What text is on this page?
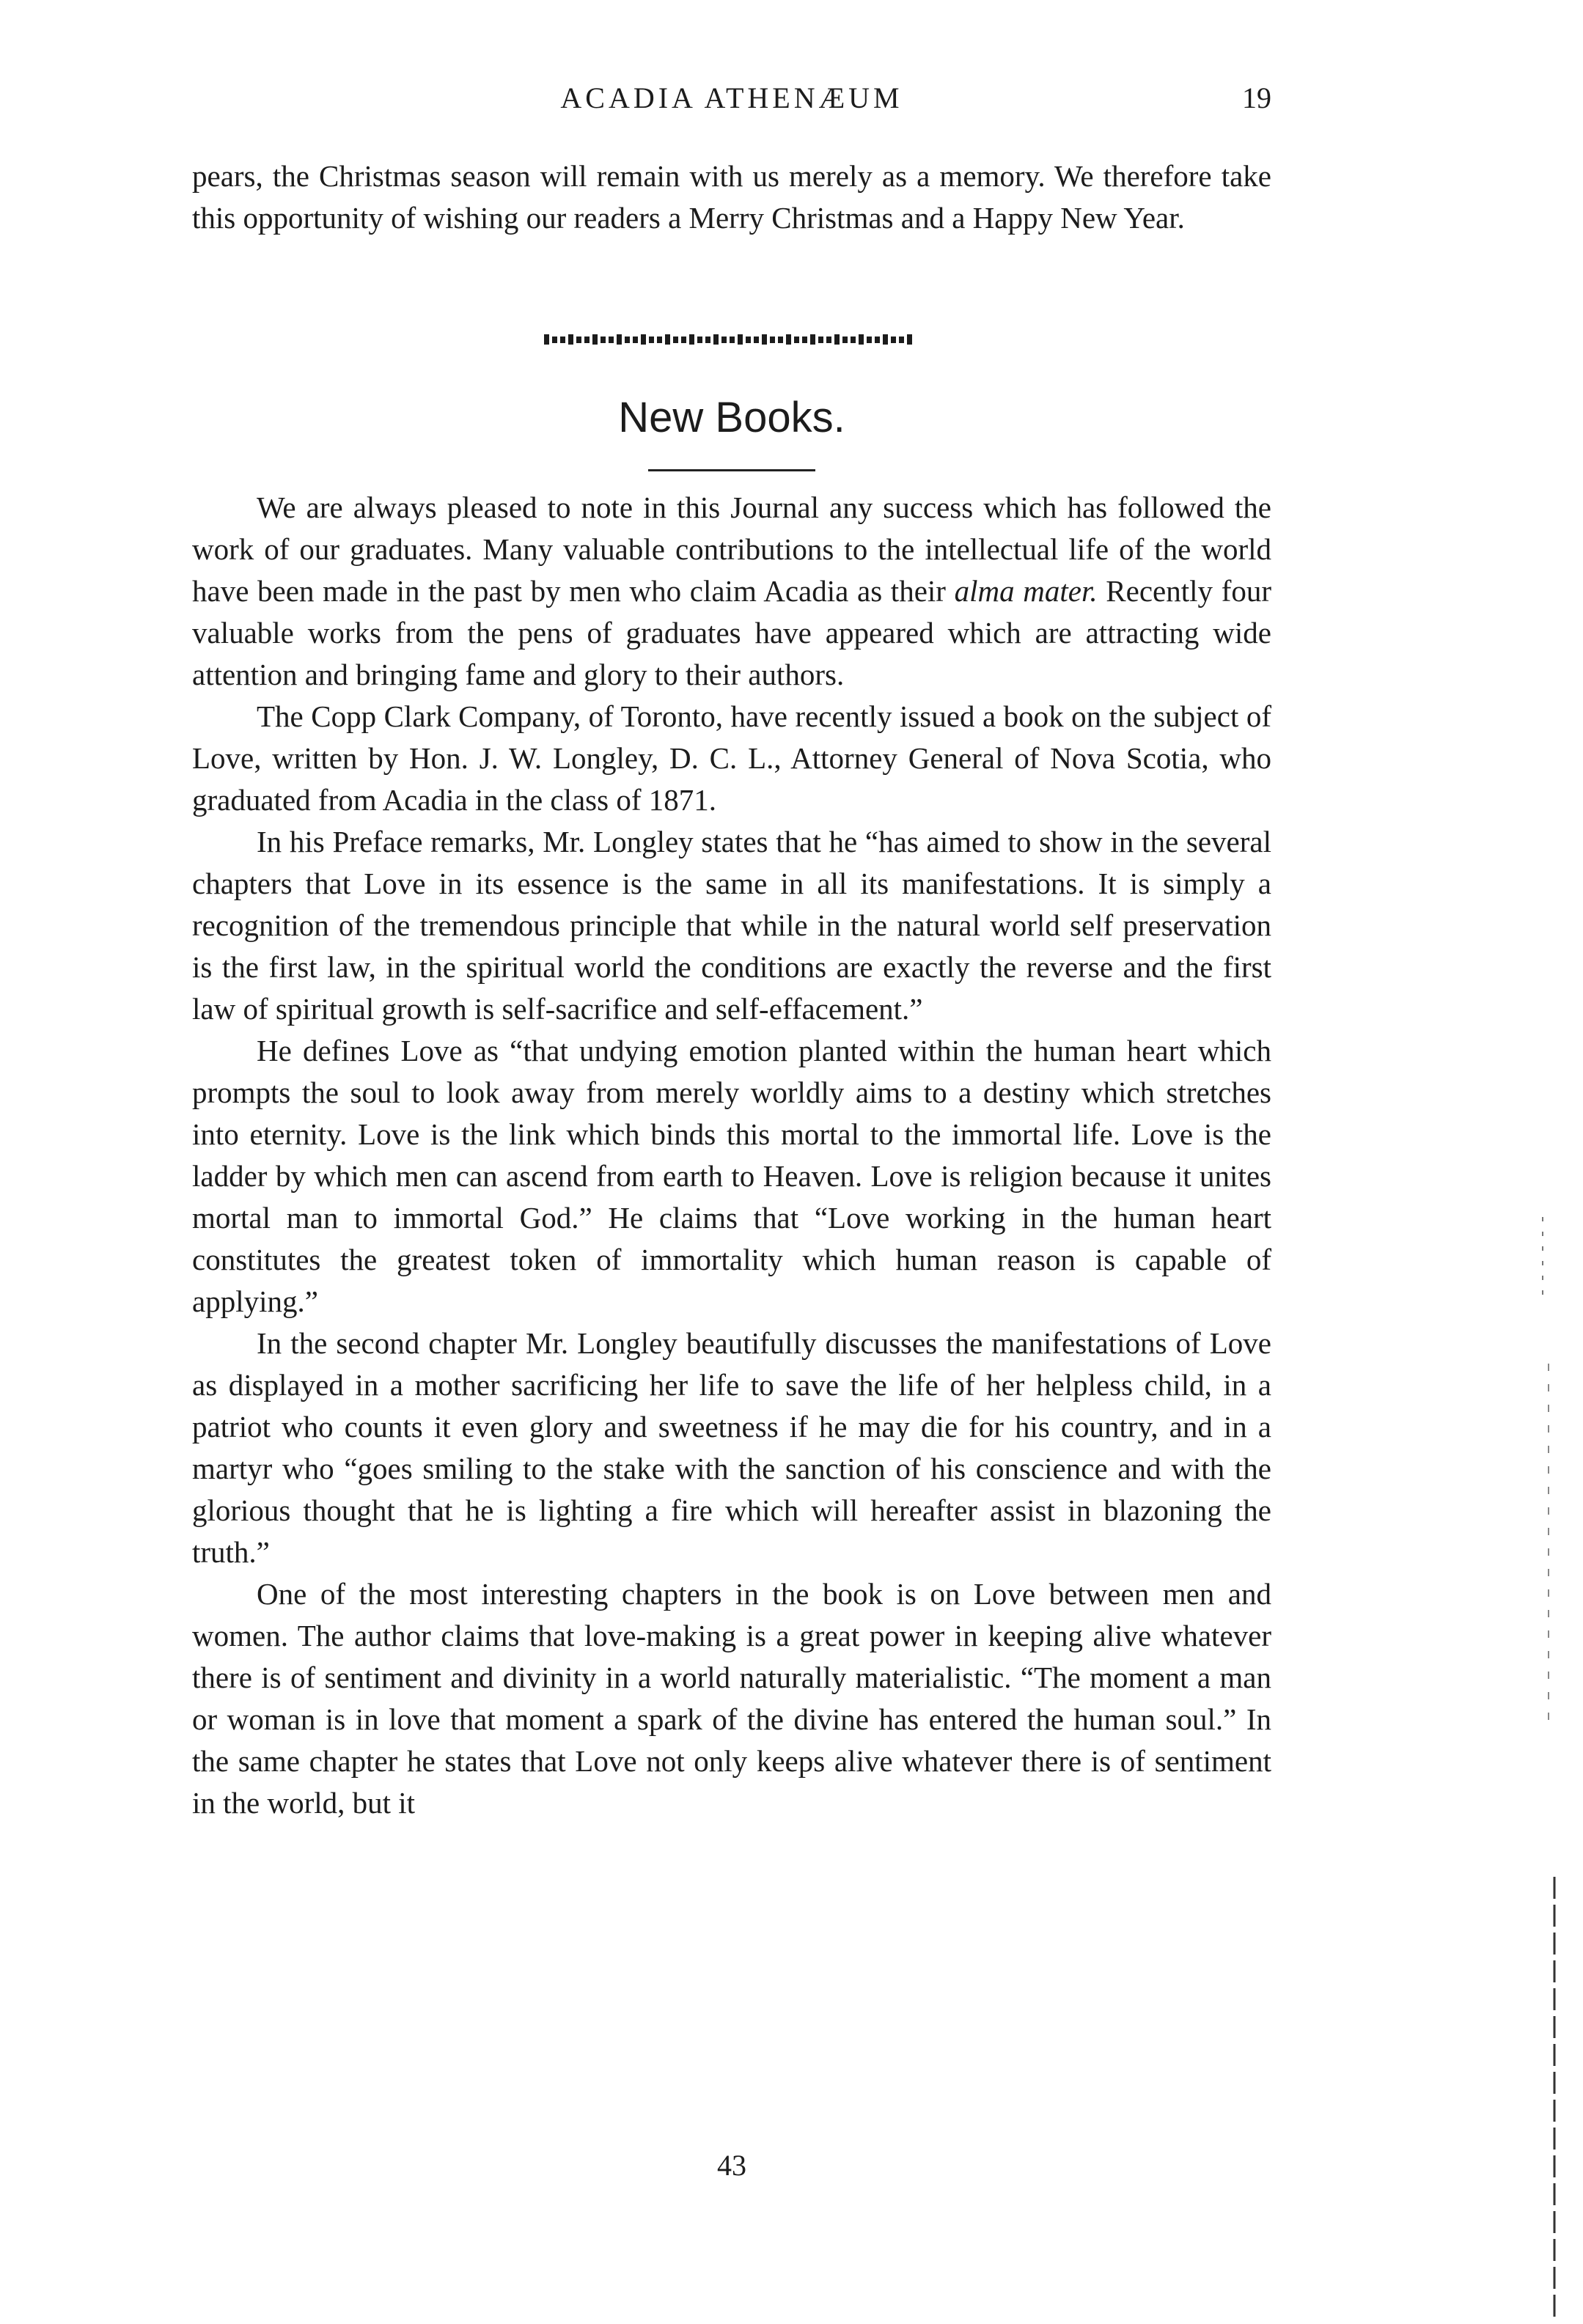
ACADIA ATHENÆUM	19

pears, the Christmas season will remain with us merely as a memory. We therefore take this opportunity of wishing our readers a Merry Christmas and a Happy New Year.

New Books.

We are always pleased to note in this Journal any success which has followed the work of our graduates. Many valuable contributions to the intellectual life of the world have been made in the past by men who claim Acadia as their alma mater. Recently four valuable works from the pens of graduates have appeared which are attracting wide attention and bringing fame and glory to their authors.

The Copp Clark Company, of Toronto, have recently issued a book on the subject of Love, written by Hon. J. W. Longley, D. C. L., Attorney General of Nova Scotia, who graduated from Acadia in the class of 1871.

In his Preface remarks, Mr. Longley states that he “has aimed to show in the several chapters that Love in its essence is the same in all its manifestations. It is simply a recognition of the tremendous principle that while in the natural world self preservation is the first law, in the spiritual world the conditions are exactly the reverse and the first law of spiritual growth is self-sacrifice and self-effacement.”

He defines Love as “that undying emotion planted within the human heart which prompts the soul to look away from merely worldly aims to a destiny which stretches into eternity. Love is the link which binds this mortal to the immortal life. Love is the ladder by which men can ascend from earth to Heaven. Love is religion because it unites mortal man to immortal God.” He claims that “Love working in the human heart constitutes the greatest token of immortality which human reason is capable of applying.”

In the second chapter Mr. Longley beautifully discusses the manifestations of Love as displayed in a mother sacrificing her life to save the life of her helpless child, in a patriot who counts it even glory and sweetness if he may die for his country, and in a martyr who “goes smiling to the stake with the sanction of his conscience and with the glorious thought that he is lighting a fire which will hereafter assist in blazoning the truth.”

One of the most interesting chapters in the book is on Love between men and women. The author claims that love-making is a great power in keeping alive whatever there is of sentiment and divinity in a world naturally materialistic. “The moment a man or woman is in love that moment a spark of the divine has entered the human soul.” In the same chapter he states that Love not only keeps alive whatever there is of sentiment in the world, but it

43
